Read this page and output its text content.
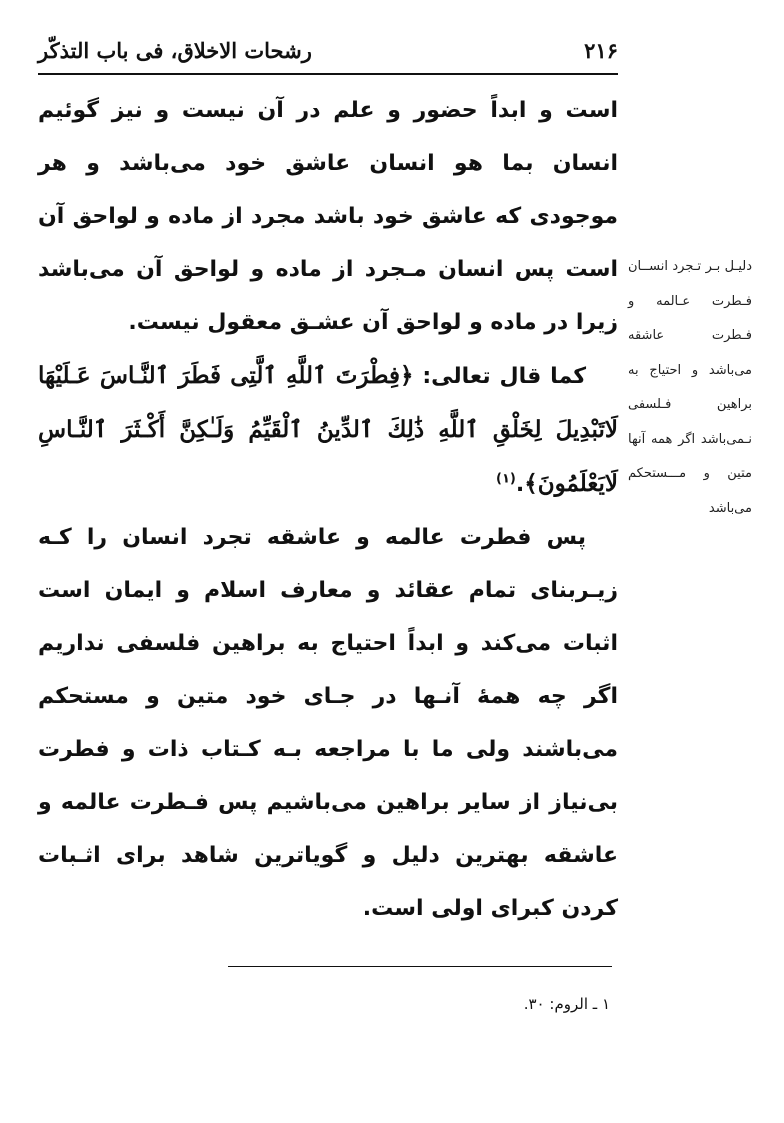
۲۱۶
رشحات الاخلاق، فی باب التذکّر

است و ابداً حضور و علم در آن نیست و نیز گوئیم انسان بما هو انسان عاشق خود می‌باشد و هر موجودی که عاشق خود باشد مجرد از ماده و لواحق آن است پس انسان مـجرد از ماده و لواحق آن می‌باشد زیرا در ماده و لواحق آن عشـق معقول نیست.

کما قال تعالى: ﴿فِطْرَتَ ٱللَّهِ ٱلَّتِى فَطَرَ ٱلنَّـاسَ عَـلَيْهَا لَاتَبْدِيلَ لِخَلْقِ ٱللَّهِ ذَٰلِكَ ٱلدِّينُ ٱلْقَيِّمُ وَلَـٰكِنَّ أَكْـثَرَ ٱلنَّـاسِ لَايَعْلَمُونَ﴾.$^{(۱)}$

پس فطرت عالمه و عاشقه تجرد انسان را کـه زیـربنای تمام عقائد و معارف اسلام و ایمان است اثبات می‌کند و ابداً احتیاج به براهین فلسفی نداریم اگر چه همهٔ آنـها در جـای خود متین و مستحکم می‌باشند ولی ما با مراجعه بـه کـتاب ذات و فطرت بی‌نیاز از سایر براهین می‌باشیم پس فـطرت عالمه و عاشقه بهترین دلیل و گویاترین شاهد برای اثـبات کردن کبرای اولی است.

دلیـل بـر تـجرد انســان فـطرت عـالمه و فـطرت عاشقه می‌باشد و احتیاج به براهین فـلسفی نـمی‌باشد اگر همه آنها متین و مـــستحکم می‌باشد
۱ ـ الروم: ۳۰.
